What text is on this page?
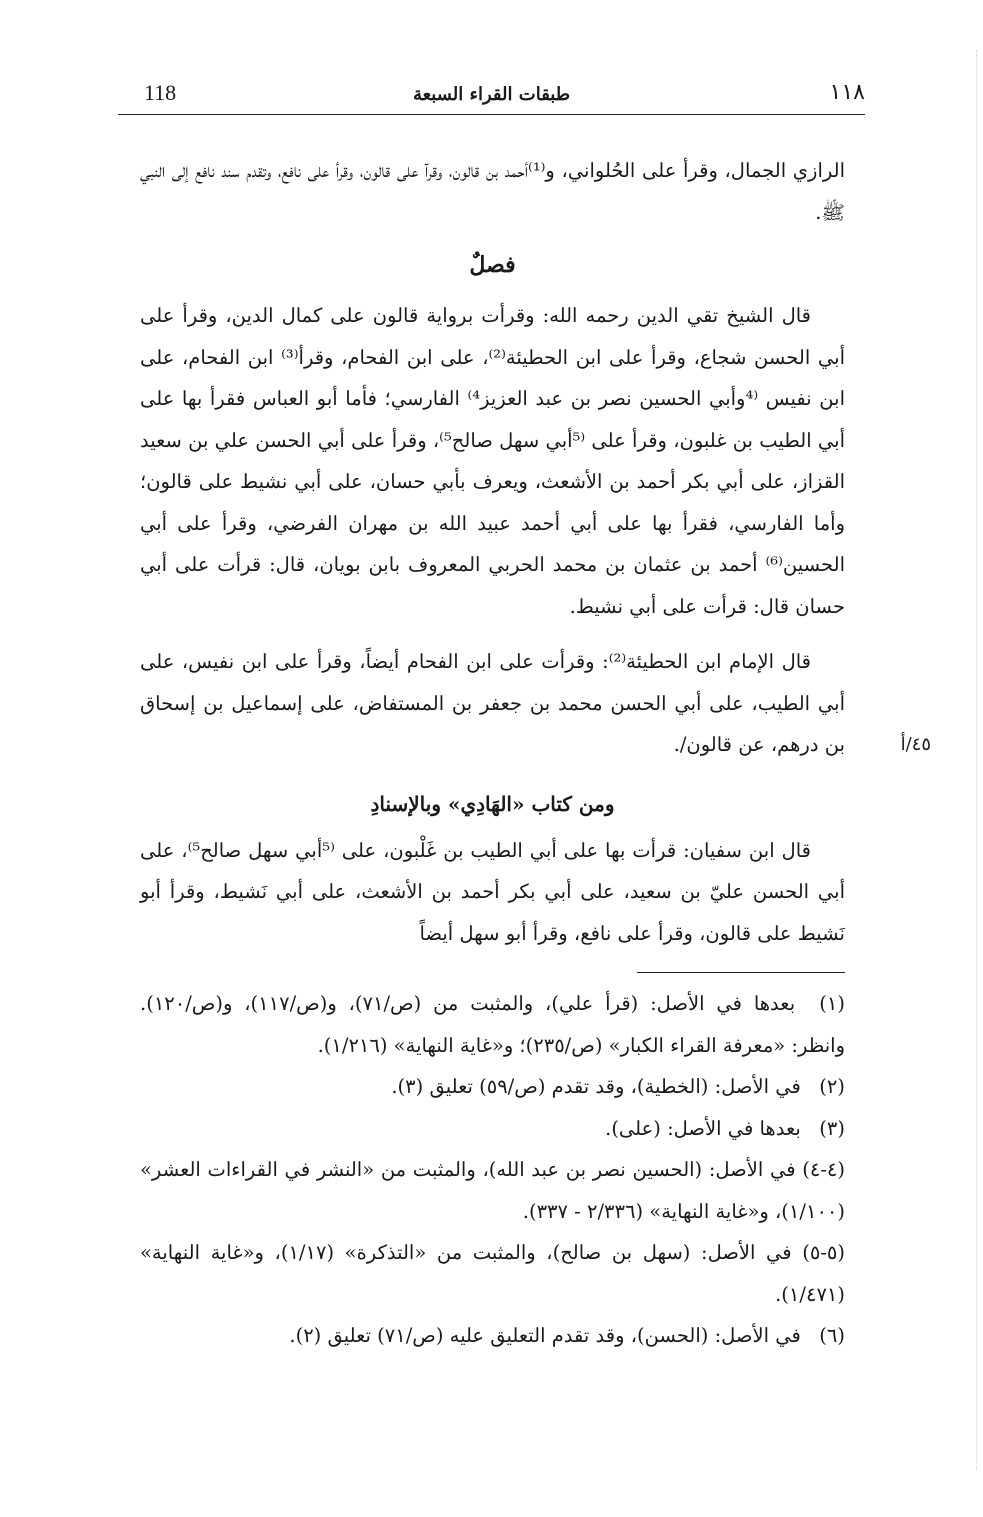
118	طبقات القراء السبعة	١١٨

الرازي الجمال، وقرأ على الحُلواني، و⁽¹⁾أحمد بن قالون، وقرآ على قالون، وقرأ على نافع، وتقدم سند نافع إلى النبي ﷺ.

فصلٌ

قال الشيخ تقي الدين رحمه الله: وقرأت برواية قالون على كمال الدين، وقرأ على أبي الحسن شجاع، وقرأ على ابن الحطيئة⁽²⁾، على ابن الفحام، وقرأ⁽³⁾ ابن الفحام، على ابن نفيس ⁽⁴وأبي الحسين نصر بن عبد العزيز⁴⁾ الفارسي؛ فأما أبو العباس فقرأ بها على أبي الطيب بن غلبون، وقرأ على ⁽⁵أبي سهل صالح⁵⁾، وقرأ على أبي الحسن علي بن سعيد القزاز، على أبي بكر أحمد بن الأشعث، ويعرف بأبي حسان، على أبي نشيط على قالون؛ وأما الفارسي، فقرأ بها على أبي أحمد عبيد الله بن مهران الفرضي، وقرأ على أبي الحسين⁽⁶⁾ أحمد بن عثمان بن محمد الحربي المعروف بابن بويان، قال: قرأت على أبي حسان قال: قرأت على أبي نشيط.

قال الإمام ابن الحطيئة⁽²⁾: وقرأت على ابن الفحام أيضاً، وقرأ على ابن نفيس، على أبي الطيب، على أبي الحسن محمد بن جعفر بن المستفاض، على إسماعيل بن إسحاق بن درهم، عن قالون/.	٤٥/أ
ومن كتاب «الهَادِي» وبالإسنادِ

قال ابن سفيان: قرأت بها على أبي الطيب بن غَلْبون، على ⁽⁵أبي سهل صالح⁵⁾، على أبي الحسن عليّ بن سعيد، على أبي بكر أحمد بن الأشعث، على أبي نَشيط، وقرأ أبو نَشيط على قالون، وقرأ على نافع، وقرأ أبو سهل أيضاً

(١) بعدها في الأصل: (قرأ علي)، والمثبت من (ص/٧١)، و(ص/١١٧)، و(ص/١٢٠). وانظر: «معرفة القراء الكبار» (ص/٢٣٥)؛ و«غاية النهاية» (١/٢١٦).

(٢) في الأصل: (الخطية)، وقد تقدم (ص/٥٩) تعليق (٣).

(٣) بعدها في الأصل: (على).

(٤-٤) في الأصل: (الحسين نصر بن عبد الله)، والمثبت من «النشر في القراءات العشر» (١/١٠٠)، و«غاية النهاية» (٢/٣٣٦ - ٣٣٧).

(٥-٥) في الأصل: (سهل بن صالح)، والمثبت من «التذكرة» (١/١٧)، و«غاية النهاية» (١/٤٧١).

(٦) في الأصل: (الحسن)، وقد تقدم التعليق عليه (ص/٧١) تعليق (٢).
